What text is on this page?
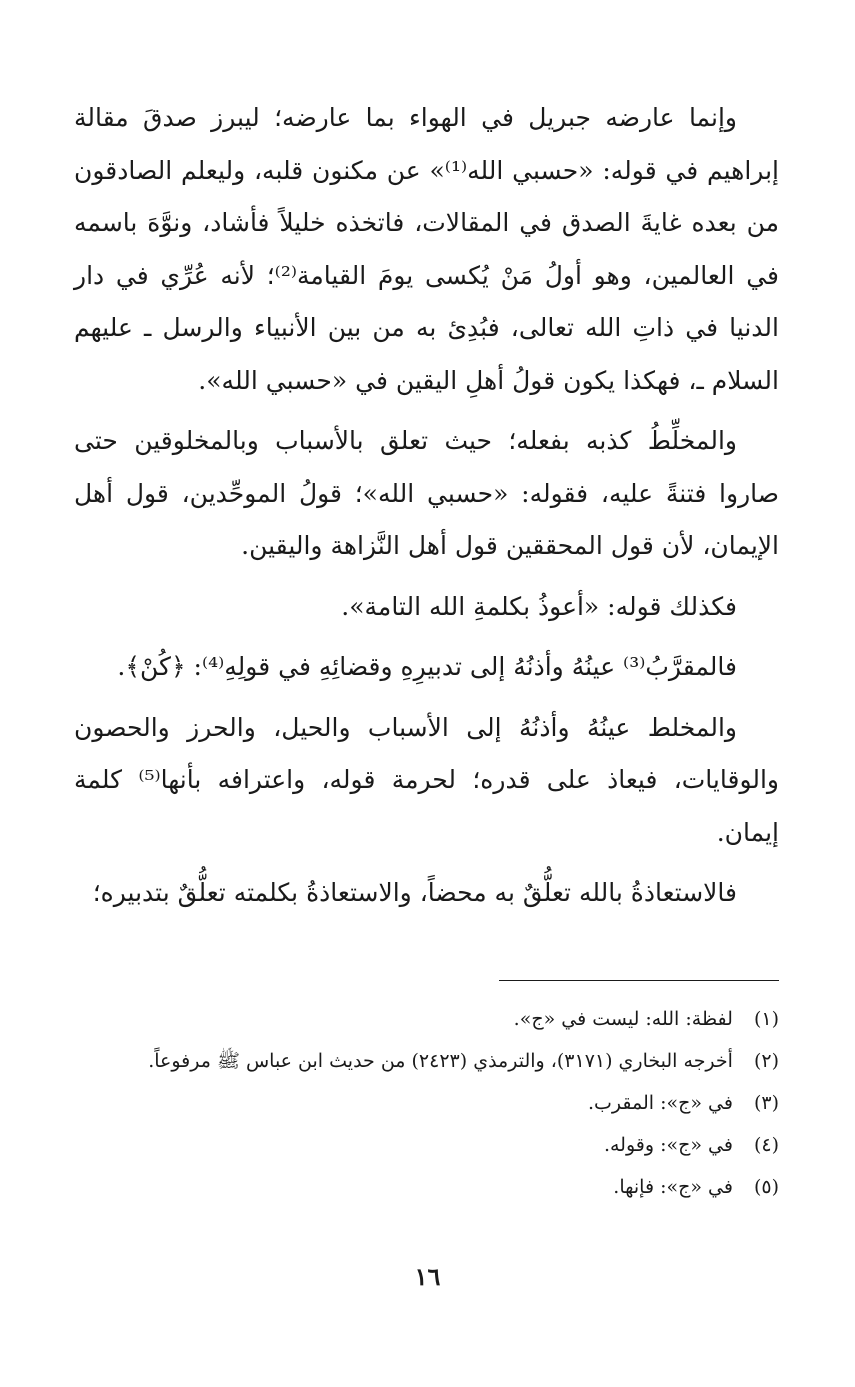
وإنما عارضه جبريل في الهواء بما عارضه؛ ليبرز صدقَ مقالة إبراهيم في قوله: «حسبي الله⁽¹⁾» عن مكنون قلبه، وليعلم الصادقون من بعده غايةَ الصدق في المقالات، فاتخذه خليلاً فأشاد، ونوَّهَ باسمه في العالمين، وهو أولُ مَنْ يُكسى يومَ القيامة⁽²⁾؛ لأنه عُرِّي في دار الدنيا في ذاتِ الله تعالى، فبُدِئ به من بين الأنبياء والرسل ـ عليهم السلام ـ، فهكذا يكون قولُ أهلِ اليقين في «حسبي الله».

والمخلِّطُ كذبه بفعله؛ حيث تعلق بالأسباب وبالمخلوقين حتى صاروا فتنةً عليه، فقوله: «حسبي الله»؛ قولُ الموحِّدين، قول أهل الإيمان، لأن قول المحققين قول أهل النَّزاهة واليقين.

فكذلك قوله: «أعوذُ بكلمةِ الله التامة».

فالمقرَّبُ⁽³⁾ عينُهُ وأذنُهُ إلى تدبيرِهِ وقضائِهِ في قولِهِ⁽⁴⁾: ﴿كُنْ﴾.

والمخلط عينُهُ وأذنُهُ إلى الأسباب والحيل، والحرز والحصون والوقايات، فيعاذ على قدره؛ لحرمة قوله، واعترافه بأنها⁽⁵⁾ كلمة إيمان.

فالاستعاذةُ بالله تعلُّقٌ به محضاً، والاستعاذةُ بكلمته تعلُّقٌ بتدبيره؛

(١) لفظة: الله: ليست في «ج».
(٢) أخرجه البخاري (٣١٧١)، والترمذي (٢٤٢٣) من حديث ابن عباس ﷺ مرفوعاً.
(٣) في «ج»: المقرب.
(٤) في «ج»: وقوله.
(٥) في «ج»: فإنها.
١٦
